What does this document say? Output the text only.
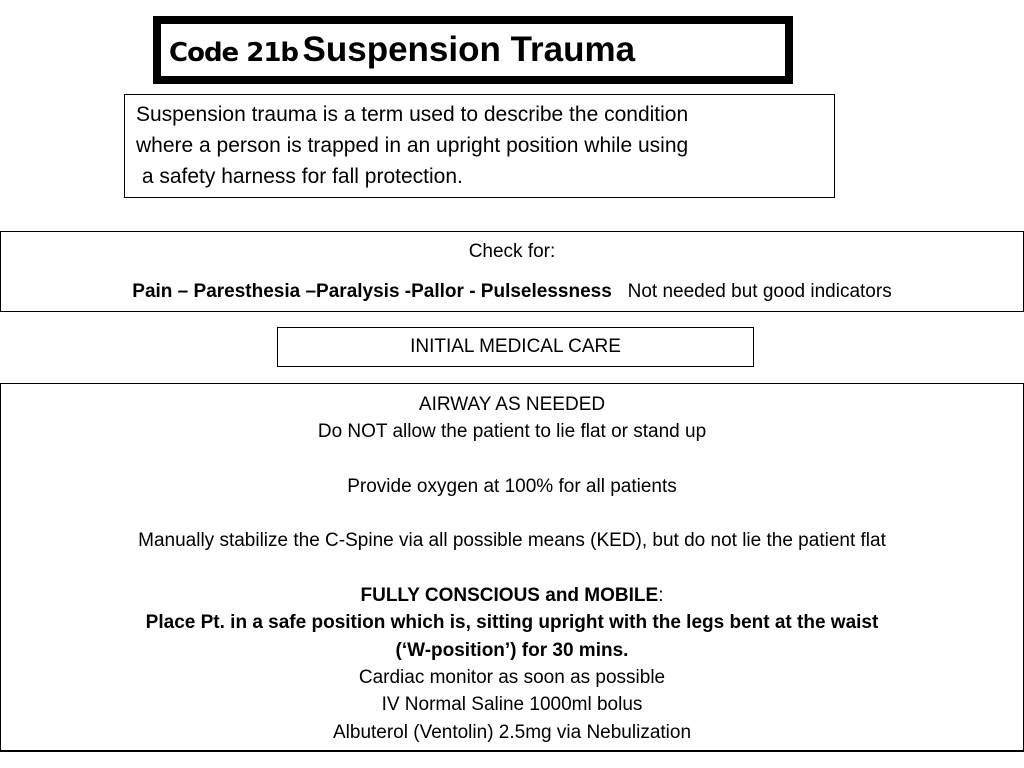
Code 21b Suspension Trauma
Suspension trauma is a term used to describe the condition
where a person is trapped in an upright position while using
a safety harness for fall protection.
Check for:
Pain – Paresthesia –Paralysis -Pallor - Pulselessness Not needed but good indicators
INITIAL MEDICAL CARE
AIRWAY AS NEEDED
Do NOT allow the patient to lie flat or stand up
Provide oxygen at 100% for all patients
Manually stabilize the C-Spine via all possible means (KED), but do not lie the patient flat
FULLY CONSCIOUS and MOBILE:
Place Pt. in a safe position which is, sitting upright with the legs bent at the waist
(‘W-position’) for 30 mins.
Cardiac monitor as soon as possible
IV Normal Saline 1000ml bolus
Albuterol (Ventolin) 2.5mg via Nebulization
